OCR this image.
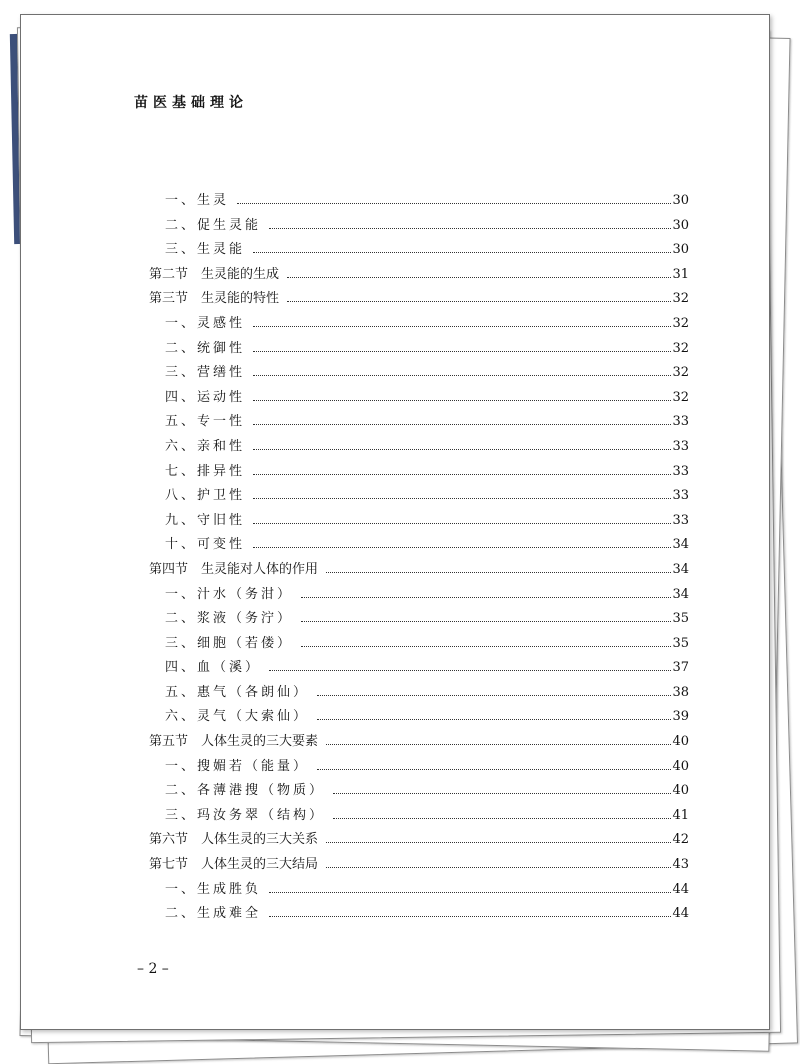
苗医基础理论
一、生灵	30
二、促生灵能	30
三、生灵能	30
第二节　生灵能的生成	31
第三节　生灵能的特性	32
一、灵感性	32
二、统御性	32
三、营缮性	32
四、运动性	32
五、专一性	33
六、亲和性	33
七、排异性	33
八、护卫性	33
九、守旧性	33
十、可变性	34
第四节　生灵能对人体的作用	34
一、汁水（务泔）	34
二、浆液（务泞）	35
三、细胞（若偻）	35
四、血（溪）	37
五、惠气（各朗仙）	38
六、灵气（大索仙）	39
第五节　人体生灵的三大要素	40
一、搜媚若（能量）	40
二、各薄港搜（物质）	40
三、玛汝务翠（结构）	41
第六节　人体生灵的三大关系	42
第七节　人体生灵的三大结局	43
一、生成胜负	44
二、生成难全	44
– 2 –
